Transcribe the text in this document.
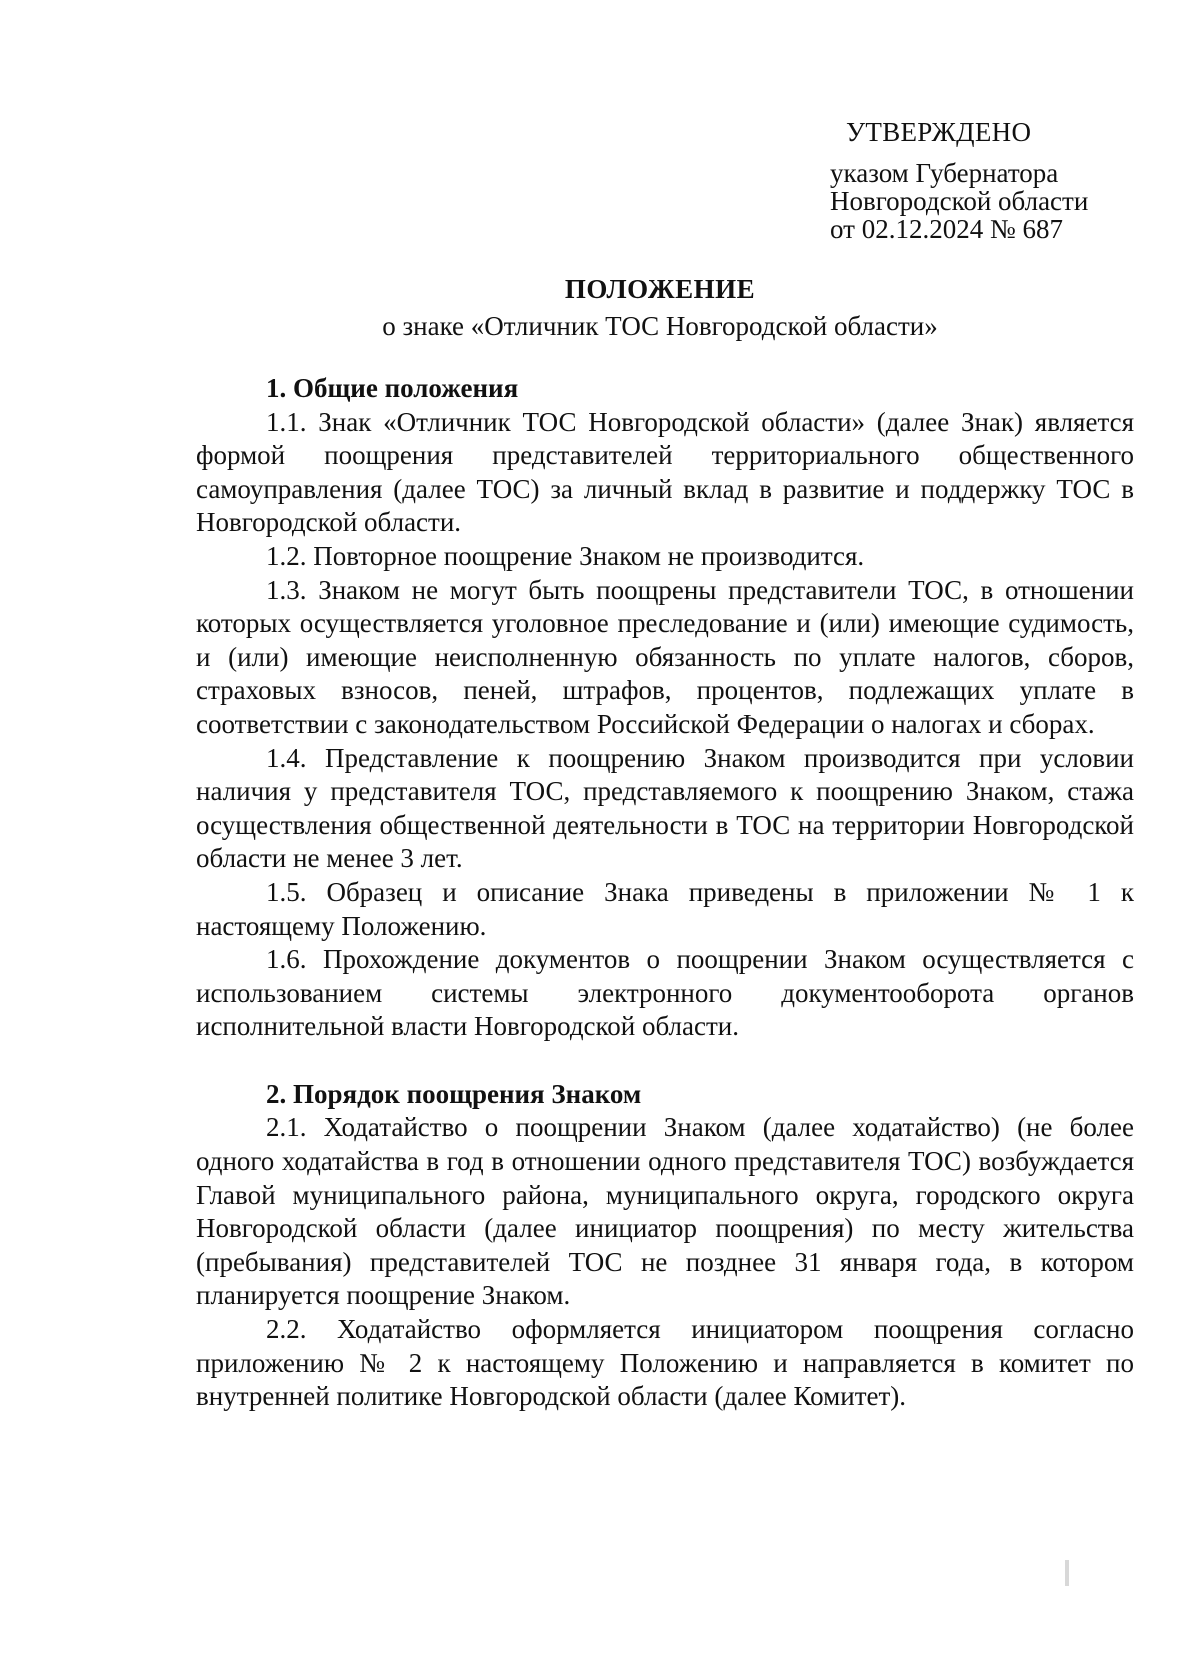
УТВЕРЖДЕНО
указом Губернатора
Новгородской области
от 02.12.2024 № 687
ПОЛОЖЕНИЕ
о знаке «Отличник ТОС Новгородской области»

1. Общие положения

1.1. Знак «Отличник ТОС Новгородской области» (далее Знак) является формой поощрения представителей территориального общественного самоуправления (далее ТОС) за личный вклад в развитие и поддержку ТОС в Новгородской области.

1.2. Повторное поощрение Знаком не производится.

1.3. Знаком не могут быть поощрены представители ТОС, в отношении которых осуществляется уголовное преследование и (или) имеющие судимость, и (или) имеющие неисполненную обязанность по уплате налогов, сборов, страховых взносов, пеней, штрафов, процентов, подлежащих уплате в соответствии с законодательством Российской Федерации о налогах и сборах.

1.4. Представление к поощрению Знаком производится при условии наличия у представителя ТОС, представляемого к поощрению Знаком, стажа осуществления общественной деятельности в ТОС на территории Новгородской области не менее 3 лет.

1.5. Образец и описание Знака приведены в приложении № 1 к настоящему Положению.

1.6. Прохождение документов о поощрении Знаком осуществляется с использованием системы электронного документооборота органов исполнительной власти Новгородской области.

2. Порядок поощрения Знаком

2.1. Ходатайство о поощрении Знаком (далее ходатайство) (не более одного ходатайства в год в отношении одного представителя ТОС) возбуждается Главой муниципального района, муниципального округа, городского округа Новгородской области (далее инициатор поощрения) по месту жительства (пребывания) представителей ТОС не позднее 31 января года, в котором планируется поощрение Знаком.

2.2. Ходатайство оформляется инициатором поощрения согласно приложению № 2 к настоящему Положению и направляется в комитет по внутренней политике Новгородской области (далее Комитет).
